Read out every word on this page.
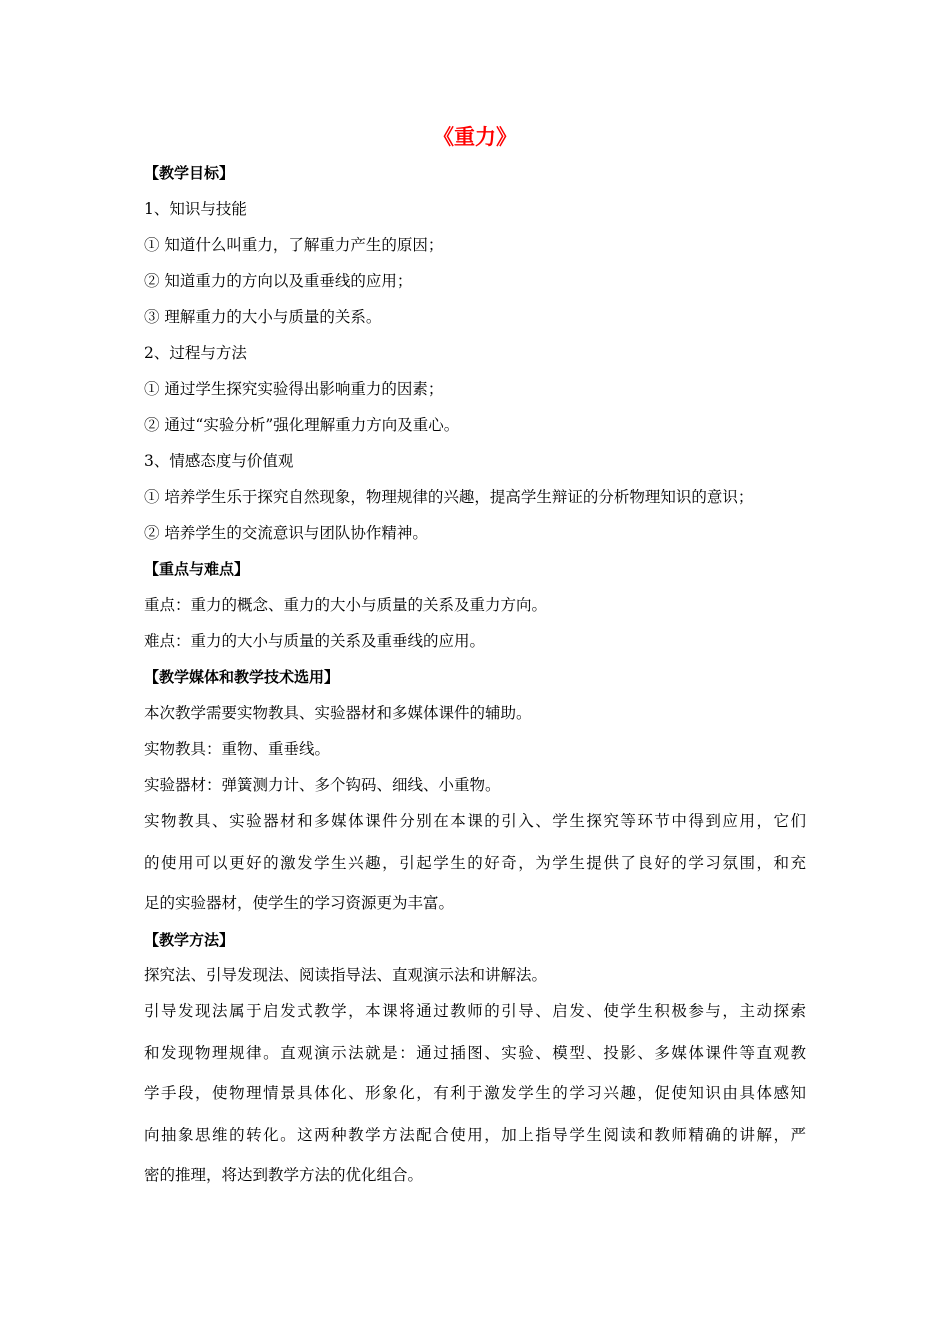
《重力》
【教学目标】
1、知识与技能
① 知道什么叫重力，了解重力产生的原因；
② 知道重力的方向以及重垂线的应用；
③ 理解重力的大小与质量的关系。
2、过程与方法
① 通过学生探究实验得出影响重力的因素；
② 通过“实验分析”强化理解重力方向及重心。
3、情感态度与价值观
① 培养学生乐于探究自然现象，物理规律的兴趣，提高学生辩证的分析物理知识的意识；
② 培养学生的交流意识与团队协作精神。
【重点与难点】
重点：重力的概念、重力的大小与质量的关系及重力方向。
难点：重力的大小与质量的关系及重垂线的应用。
【教学媒体和教学技术选用】
本次教学需要实物教具、实验器材和多媒体课件的辅助。
实物教具：重物、重垂线。
实验器材：弹簧测力计、多个钩码、细线、小重物。
实物教具、实验器材和多媒体课件分别在本课的引入、学生探究等环节中得到应用，它们
的使用可以更好的激发学生兴趣，引起学生的好奇，为学生提供了良好的学习氛围，和充
足的实验器材，使学生的学习资源更为丰富。
【教学方法】
探究法、引导发现法、阅读指导法、直观演示法和讲解法。
引导发现法属于启发式教学，本课将通过教师的引导、启发、使学生积极参与，主动探索
和发现物理规律。直观演示法就是：通过插图、实验、模型、投影、多媒体课件等直观教
学手段，使物理情景具体化、形象化，有利于激发学生的学习兴趣，促使知识由具体感知
向抽象思维的转化。这两种教学方法配合使用，加上指导学生阅读和教师精确的讲解，严
密的推理，将达到教学方法的优化组合。
